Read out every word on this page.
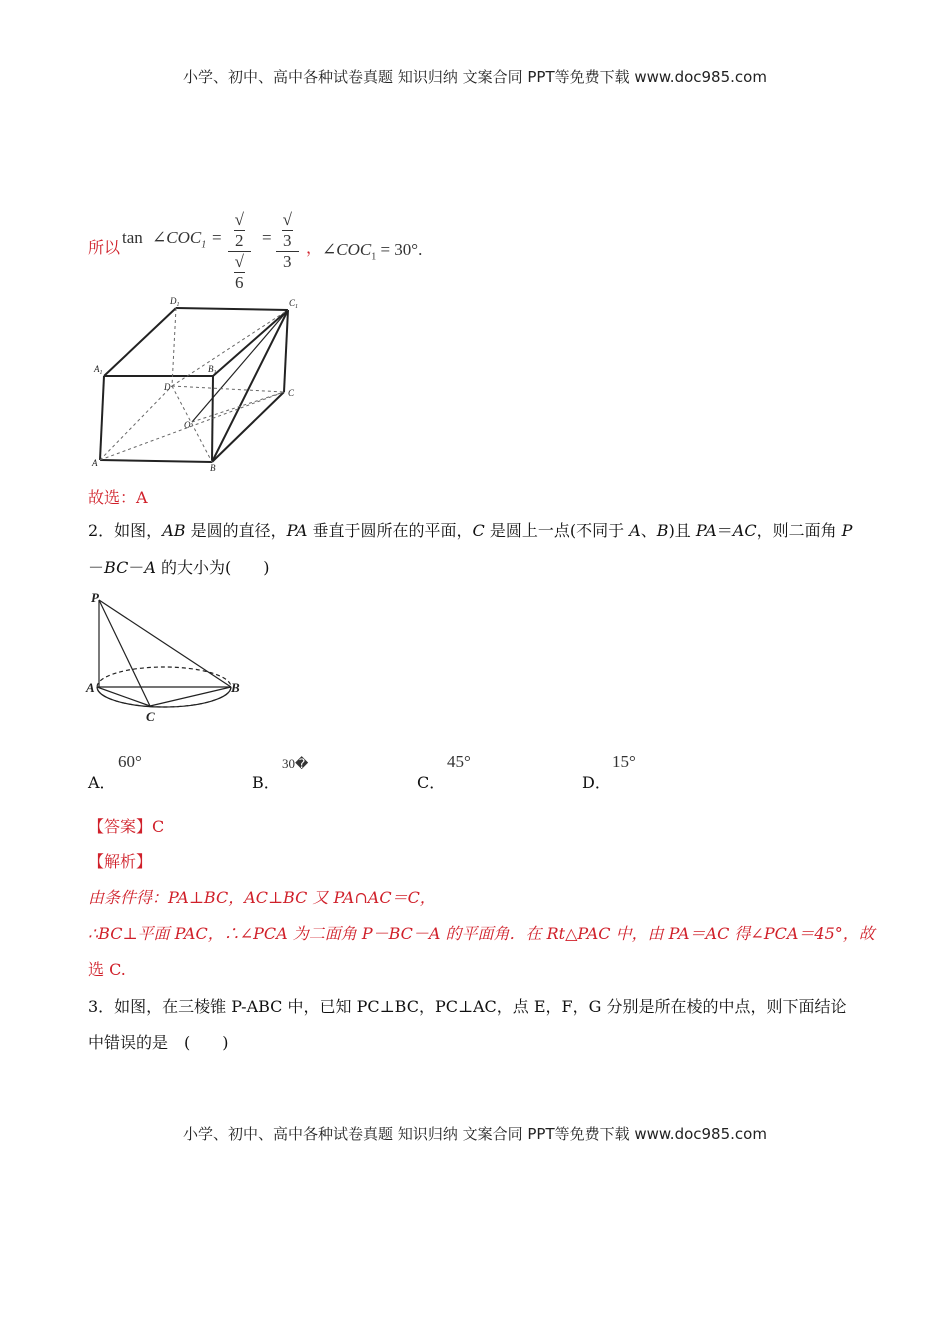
小学、初中、高中各种试卷真题 知识归纳 文案合同 PPT等免费下载 www.doc985.com
所以
$\tan \angle COC_1$ = √
2
√
6 = √
3
3 ， $\angle COC_1 = 30^\circ$.
$D_1$	$C_1$
$A_1$	$B_1$
D
C
O
A	B
故选：A
2．如图，AB 是圆的直径，PA 垂直于圆所在的平面，C 是圆上一点(不同于 A、B)且 PA＝AC，则二面角 P
－BC－A 的大小为(　　)
P
A	B
C
A．
60°
B．
30�
C．
45°
D．
15°
【答案】C
【解析】
由条件得：PA⊥BC，AC⊥BC 又 PA∩AC＝C，
∴BC⊥平面 PAC，∴∠PCA 为二面角 P－BC－A 的平面角．在 Rt△PAC 中，由 PA＝AC 得∠PCA＝45°，故
选 C.
3．如图，在三棱锥 P-ABC 中，已知 PC⊥BC，PC⊥AC，点 E，F，G 分别是所在棱的中点，则下面结论
中错误的是　(　　)
小学、初中、高中各种试卷真题 知识归纳 文案合同 PPT等免费下载 www.doc985.com
